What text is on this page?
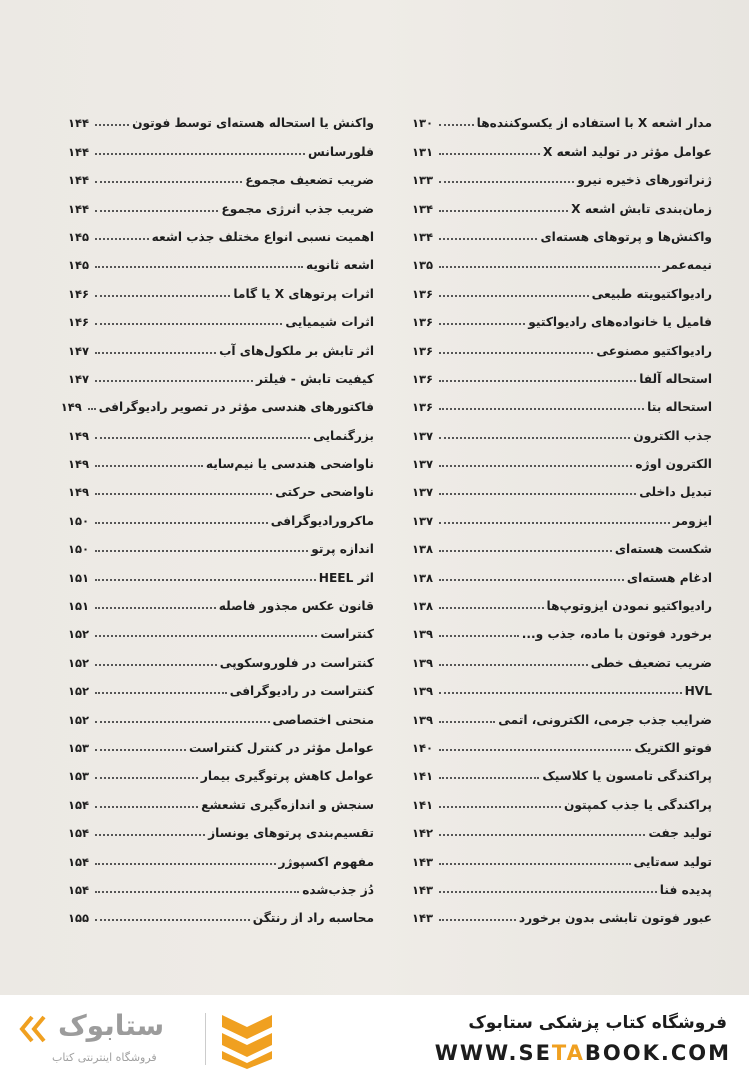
مدار اشعه X با استفاده از یکسوکننده‌ها
۱۳۰
عوامل مؤثر در تولید اشعه X
۱۳۱
ژنراتورهای ذخیره نیرو
۱۳۳
زمان‌بندی تابش اشعه X
۱۳۴
واکنش‌ها و پرتوهای هسته‌ای
۱۳۴
نیمه‌عمر
۱۳۵
رادیواکتیویته طبیعی
۱۳۶
فامیل یا خانواده‌های رادیواکتیو
۱۳۶
رادیواکتیو مصنوعی
۱۳۶
استحاله آلفا
۱۳۶
استحاله بتا
۱۳۶
جذب الکترون
۱۳۷
الکترون اوژه
۱۳۷
تبدیل داخلی
۱۳۷
ایزومر
۱۳۷
شکست هسته‌ای
۱۳۸
ادغام هسته‌ای
۱۳۸
رادیواکتیو نمودن ایزوتوپ‌ها
۱۳۸
برخورد فوتون با ماده، جذب و...
۱۳۹
ضریب تضعیف خطی
۱۳۹
HVL
۱۳۹
ضرایب جذب جرمی، الکترونی، اتمی
۱۳۹
فوتو الکتریک
۱۴۰
پراکندگی تامسون یا کلاسیک
۱۴۱
پراکندگی یا جذب کمپتون
۱۴۱
تولید جفت
۱۴۲
تولید سه‌تایی
۱۴۳
پدیده فنا
۱۴۳
عبور فوتون تابشی بدون برخورد
۱۴۳
واکنش یا استحاله هسته‌ای توسط فوتون
۱۴۴
فلورسانس
۱۴۴
ضریب تضعیف مجموع
۱۴۴
ضریب جذب انرژی مجموع
۱۴۴
اهمیت نسبی انواع مختلف جذب اشعه
۱۴۵
اشعه ثانویه
۱۴۵
اثرات پرتوهای X یا گاما
۱۴۶
اثرات شیمیایی
۱۴۶
اثر تابش بر ملکول‌های آب
۱۴۷
کیفیت تابش - فیلتر
۱۴۷
فاکتورهای هندسی مؤثر در تصویر رادیوگرافی
۱۴۹
بزرگنمایی
۱۴۹
ناواضحی هندسی یا نیم‌سایه
۱۴۹
ناواضحی حرکتی
۱۴۹
ماکرورادیوگرافی
۱۵۰
اندازه پرتو
۱۵۰
اثر HEEL
۱۵۱
قانون عکس مجذور فاصله
۱۵۱
کنتراست
۱۵۲
کنتراست در فلوروسکوپی
۱۵۲
کنتراست در رادیوگرافی
۱۵۲
منحنی اختصاصی
۱۵۲
عوامل مؤثر در کنترل کنتراست
۱۵۳
عوامل کاهش پرتوگیری بیمار
۱۵۳
سنجش و اندازه‌گیری تشعشع
۱۵۴
تقسیم‌بندی پرتوهای یونساز
۱۵۴
مفهوم اکسپوژر
۱۵۴
دُز جذب‌شده
۱۵۴
محاسبه راد از رنتگن
۱۵۵
ستابوک
فروشگاه اینترنتی کتاب
فروشگاه کتاب پزشکی ستابوک
WWW.SETABOOK.COM
